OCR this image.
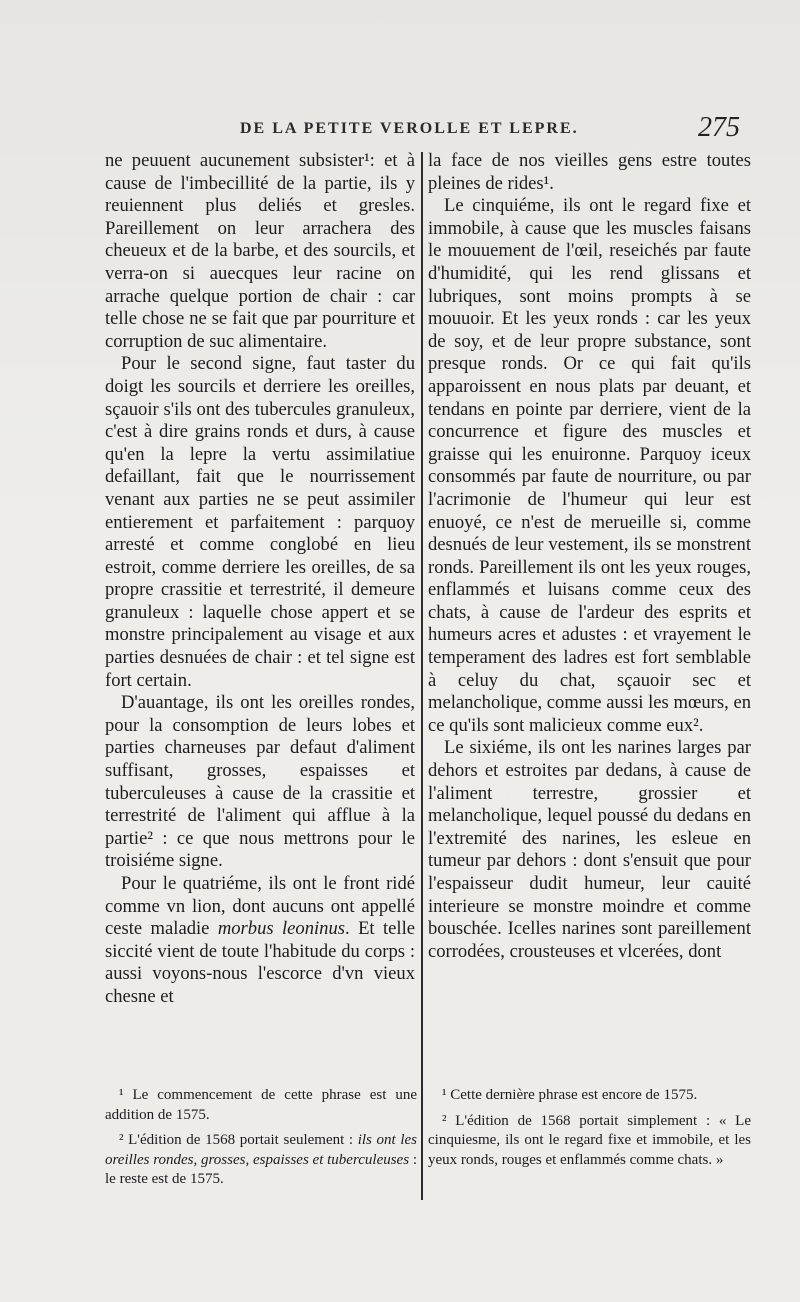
DE LA PETITE VEROLLE ET LEPRE.	275

ne peuuent aucunement subsister¹: et à cause de l'imbecillité de la partie, ils y reuiennent plus deliés et gresles. Pareillement on leur arrachera des cheueux et de la barbe, et des sourcils, et verra-on si auecques leur racine on arrache quelque portion de chair : car telle chose ne se fait que par pourriture et corruption de suc alimentaire.

Pour le second signe, faut taster du doigt les sourcils et derriere les oreilles, sçauoir s'ils ont des tubercules granuleux, c'est à dire grains ronds et durs, à cause qu'en la lepre la vertu assimilatiue defaillant, fait que le nourrissement venant aux parties ne se peut assimiler entierement et parfaitement : parquoy arresté et comme conglobé en lieu estroit, comme derriere les oreilles, de sa propre crassitie et terrestrité, il demeure granuleux : laquelle chose appert et se monstre principalement au visage et aux parties desnuées de chair : et tel signe est fort certain.

D'auantage, ils ont les oreilles rondes, pour la consomption de leurs lobes et parties charneuses par defaut d'aliment suffisant, grosses, espaisses et tuberculeuses à cause de la crassitie et terrestrité de l'aliment qui afflue à la partie² : ce que nous mettrons pour le troisiéme signe.

Pour le quatriéme, ils ont le front ridé comme vn lion, dont aucuns ont appellé ceste maladie morbus leoninus. Et telle siccité vient de toute l'habitude du corps : aussi voyons-nous l'escorce d'vn vieux chesne et

la face de nos vieilles gens estre toutes pleines de rides¹.

Le cinquiéme, ils ont le regard fixe et immobile, à cause que les muscles faisans le mouuement de l'œil, reseichés par faute d'humidité, qui les rend glissans et lubriques, sont moins prompts à se mouuoir. Et les yeux ronds : car les yeux de soy, et de leur propre substance, sont presque ronds. Or ce qui fait qu'ils apparoissent en nous plats par deuant, et tendans en pointe par derriere, vient de la concurrence et figure des muscles et graisse qui les enuironne. Parquoy iceux consommés par faute de nourriture, ou par l'acrimonie de l'humeur qui leur est enuoyé, ce n'est de merueille si, comme desnués de leur vestement, ils se monstrent ronds. Pareillement ils ont les yeux rouges, enflammés et luisans comme ceux des chats, à cause de l'ardeur des esprits et humeurs acres et adustes : et vrayement le temperament des ladres est fort semblable à celuy du chat, sçauoir sec et melancholique, comme aussi les mœurs, en ce qu'ils sont malicieux comme eux².

Le sixiéme, ils ont les narines larges par dehors et estroites par dedans, à cause de l'aliment terrestre, grossier et melancholique, lequel poussé du dedans en l'extremité des narines, les esleue en tumeur par dehors : dont s'ensuit que pour l'espaisseur dudit humeur, leur cauité interieure se monstre moindre et comme bouschée. Icelles narines sont pareillement corrodées, crousteuses et vlcerées, dont

¹ Le commencement de cette phrase est une addition de 1575.

² L'édition de 1568 portait seulement : ils ont les oreilles rondes, grosses, espaisses et tuberculeuses : le reste est de 1575.

¹ Cette dernière phrase est encore de 1575.

² L'édition de 1568 portait simplement : « Le cinquiesme, ils ont le regard fixe et immobile, et les yeux ronds, rouges et enflammés comme chats. »
